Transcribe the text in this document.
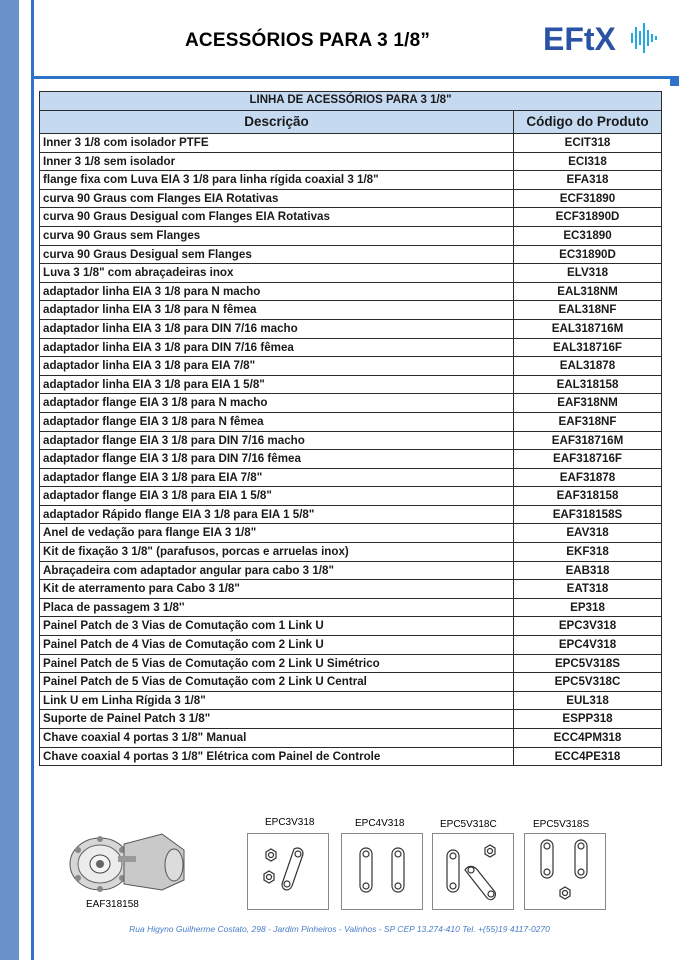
ACESSÓRIOS PARA 3 1/8”	EFtX
LINHA DE ACESSÓRIOS PARA 3 1/8"	
Descrição	Código do Produto
Inner 3 1/8 com isolador PTFE	ECIT318
Inner 3 1/8 sem isolador	ECI318
flange fixa com Luva EIA 3 1/8 para linha rígida coaxial 3 1/8"	EFA318
curva 90 Graus com Flanges EIA Rotativas	ECF31890
curva 90 Graus Desigual com Flanges EIA Rotativas	ECF31890D
curva 90 Graus sem Flanges	EC31890
curva 90 Graus Desigual sem Flanges	EC31890D
Luva 3 1/8" com abraçadeiras inox	ELV318
adaptador linha EIA 3 1/8 para N macho	EAL318NM
adaptador linha EIA 3 1/8 para N fêmea	EAL318NF
adaptador linha EIA 3 1/8 para DIN 7/16 macho	EAL318716M
adaptador linha EIA 3 1/8 para DIN 7/16 fêmea	EAL318716F
adaptador linha EIA 3 1/8 para EIA 7/8"	EAL31878
adaptador linha EIA 3 1/8 para EIA 1 5/8"	EAL318158
adaptador flange EIA 3 1/8 para N macho	EAF318NM
adaptador flange EIA 3 1/8 para N fêmea	EAF318NF
adaptador flange EIA 3 1/8 para DIN 7/16 macho	EAF318716M
adaptador flange EIA 3 1/8 para DIN 7/16 fêmea	EAF318716F
adaptador flange EIA 3 1/8 para EIA 7/8"	EAF31878
adaptador flange EIA 3 1/8 para EIA 1 5/8"	EAF318158
adaptador Rápido flange EIA 3 1/8 para EIA 1 5/8"	EAF318158S
Anel de vedação para flange EIA 3 1/8"	EAV318
Kit de fixação 3 1/8" (parafusos, porcas e arruelas inox)	EKF318
Abraçadeira com adaptador angular para cabo 3 1/8"	EAB318
Kit de aterramento para Cabo 3 1/8"	EAT318
Placa de passagem 3 1/8''	EP318
Painel Patch de 3 Vias de Comutação com 1 Link U	EPC3V318
Painel Patch de 4 Vias de Comutação com 2 Link U	EPC4V318
Painel Patch de 5 Vias de Comutação com 2 Link U Simétrico	EPC5V318S
Painel Patch de 5 Vias de Comutação com 2 Link U Central	EPC5V318C
Link U em Linha Rígida 3 1/8"	EUL318
Suporte de Painel Patch 3 1/8"	ESPP318
Chave coaxial 4 portas 3 1/8" Manual	ECC4PM318
Chave coaxial 4 portas 3 1/8" Elétrica com Painel de Controle	ECC4PE318
EAF318158
EPC3V318	EPC4V318	EPC5V318C	EPC5V318S
Rua Higyno Guilherme Costato, 298 - Jardim Pinheiros - Valinhos - SP CEP 13.274-410 Tel. +(55)19 4117-0270
